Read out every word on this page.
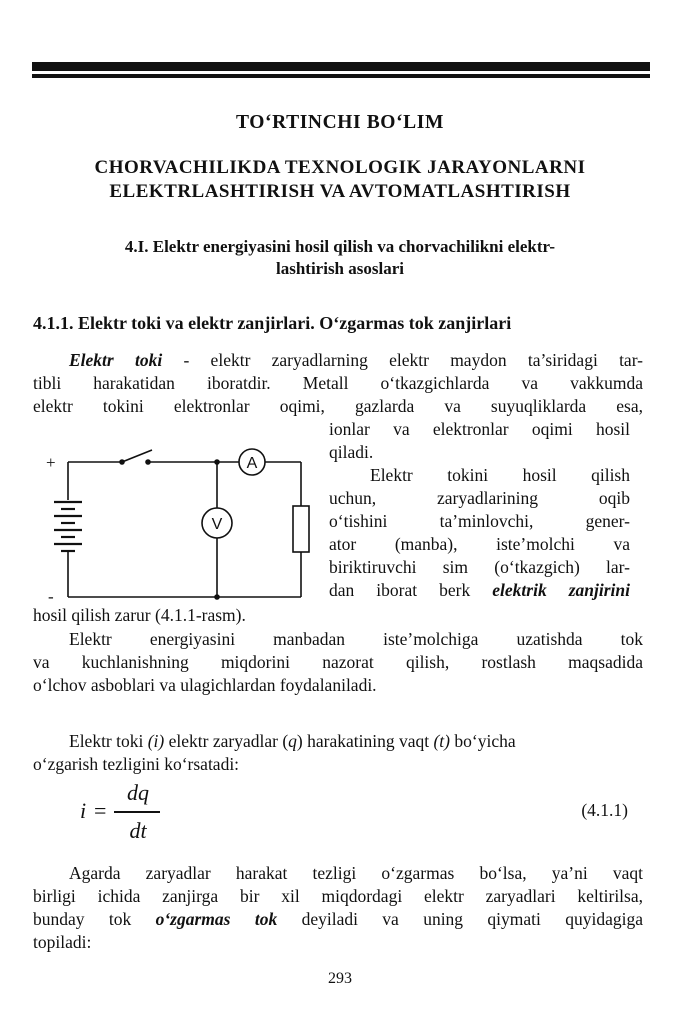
TO‘RTINCHI BO‘LIM
CHORVACHILIKDA TEXNOLOGIK JARAYONLARNI
ELEKTRLASHTIRISH VA AVTOMATLASHTIRISH
4.I. Elektr energiyasini hosil qilish va chorvachilikni elektr-
lashtirish asoslari
4.1.1. Elektr toki va elektr zanjirlari. O‘zgarmas tok zanjirlari
Elektr toki - elektr zaryadlarning elektr maydon ta’siridagi tar-
tibli harakatidan iboratdir. Metall o‘tkazgichlarda va vakkumda
elektr tokini elektronlar oqimi, gazlarda va suyuqliklarda esa,
ionlar va elektronlar oqimi hosil
qiladi.
Elektr tokini hosil qilish
uchun, zaryadlarining oqib
o‘tishini ta’minlovchi, gener-
ator (manba), iste’molchi va
biriktiruvchi sim (o‘tkazgich) lar-
dan iborat berk elektrik zanjirini
hosil qilish zarur (4.1.1-rasm).
A
V
+
-
Elektr energiyasini manbadan iste’molchiga uzatishda tok
va kuchlanishning miqdorini nazorat qilish, rostlash maqsadida
o‘lchov asboblari va ulagichlardan foydalaniladi.
Elektr toki (i) elektr zaryadlar (q) harakatining vaqt (t) bo‘yicha
o‘zgarish tezligini ko‘rsatadi:
i =
dq
dt
(4.1.1)
Agarda zaryadlar harakat tezligi o‘zgarmas bo‘lsa, ya’ni vaqt
birligi ichida zanjirga bir xil miqdordagi elektr zaryadlari keltirilsa,
bunday tok o‘zgarmas tok deyiladi va uning qiymati quyidagiga
topiladi:
293
